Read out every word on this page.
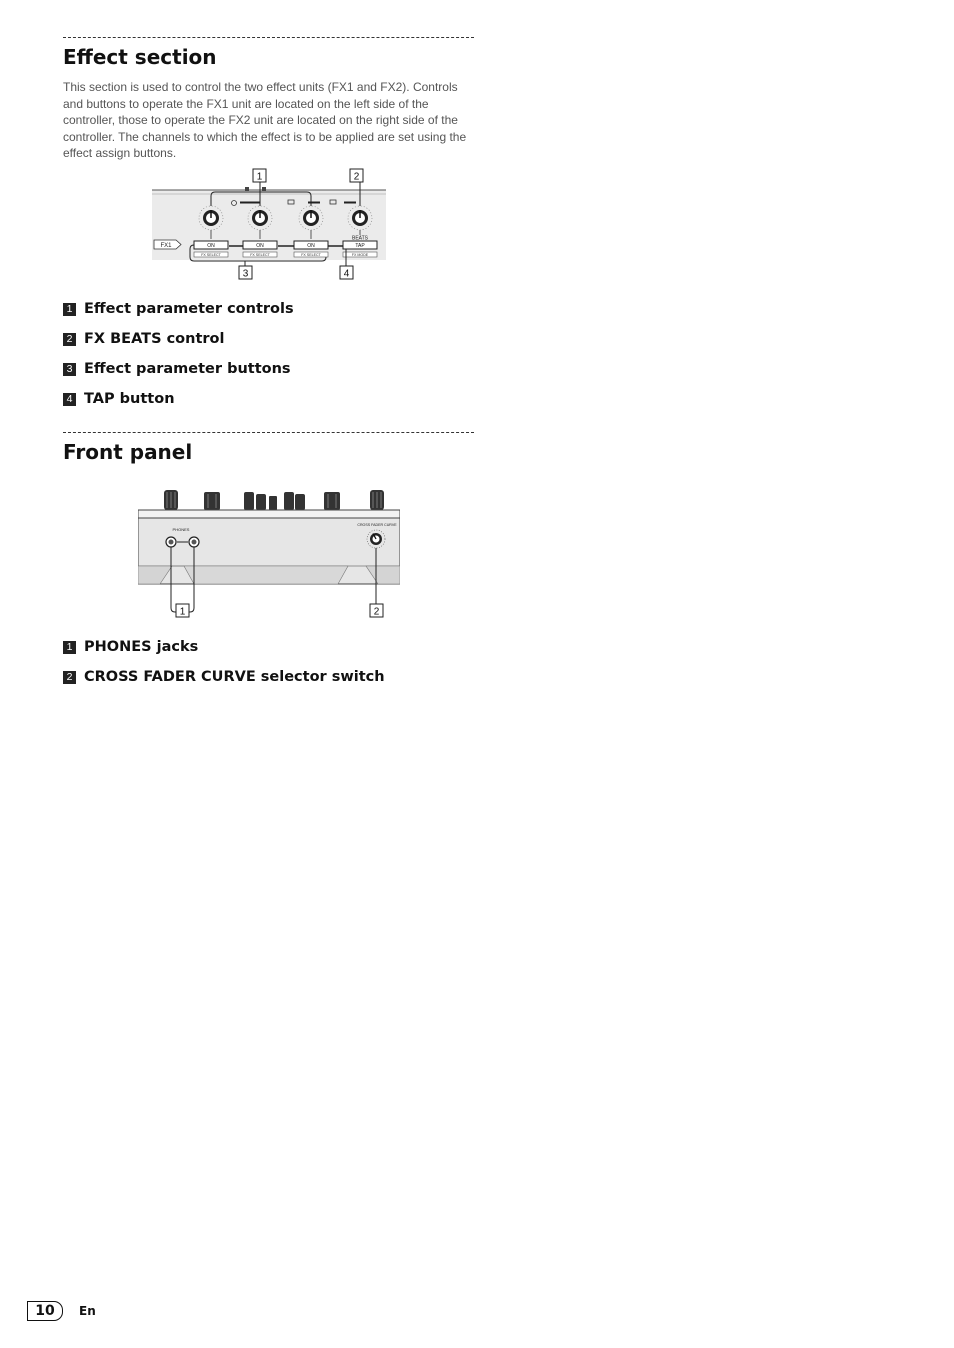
Effect section

This section is used to control the two effect units (FX1 and FX2). Controls and buttons to operate the FX1 unit are located on the left side of the controller, those to operate the FX2 unit are located on the right side of the controller. The channels to which the effect is to be applied are set using the effect assign buttons.

BEATS
FX1	ON
FX SELECT
ON
FX SELECT
ON
FX SELECT
TAP
FX MODE
1	2
3	4
1 Effect parameter controls
2 FX BEATS control
3 Effect parameter buttons
4 TAP button
Front panel
PHONES
CROSS FADER CURVE
1	2
1 PHONES jacks
2 CROSS FADER CURVE selector switch
10	En
